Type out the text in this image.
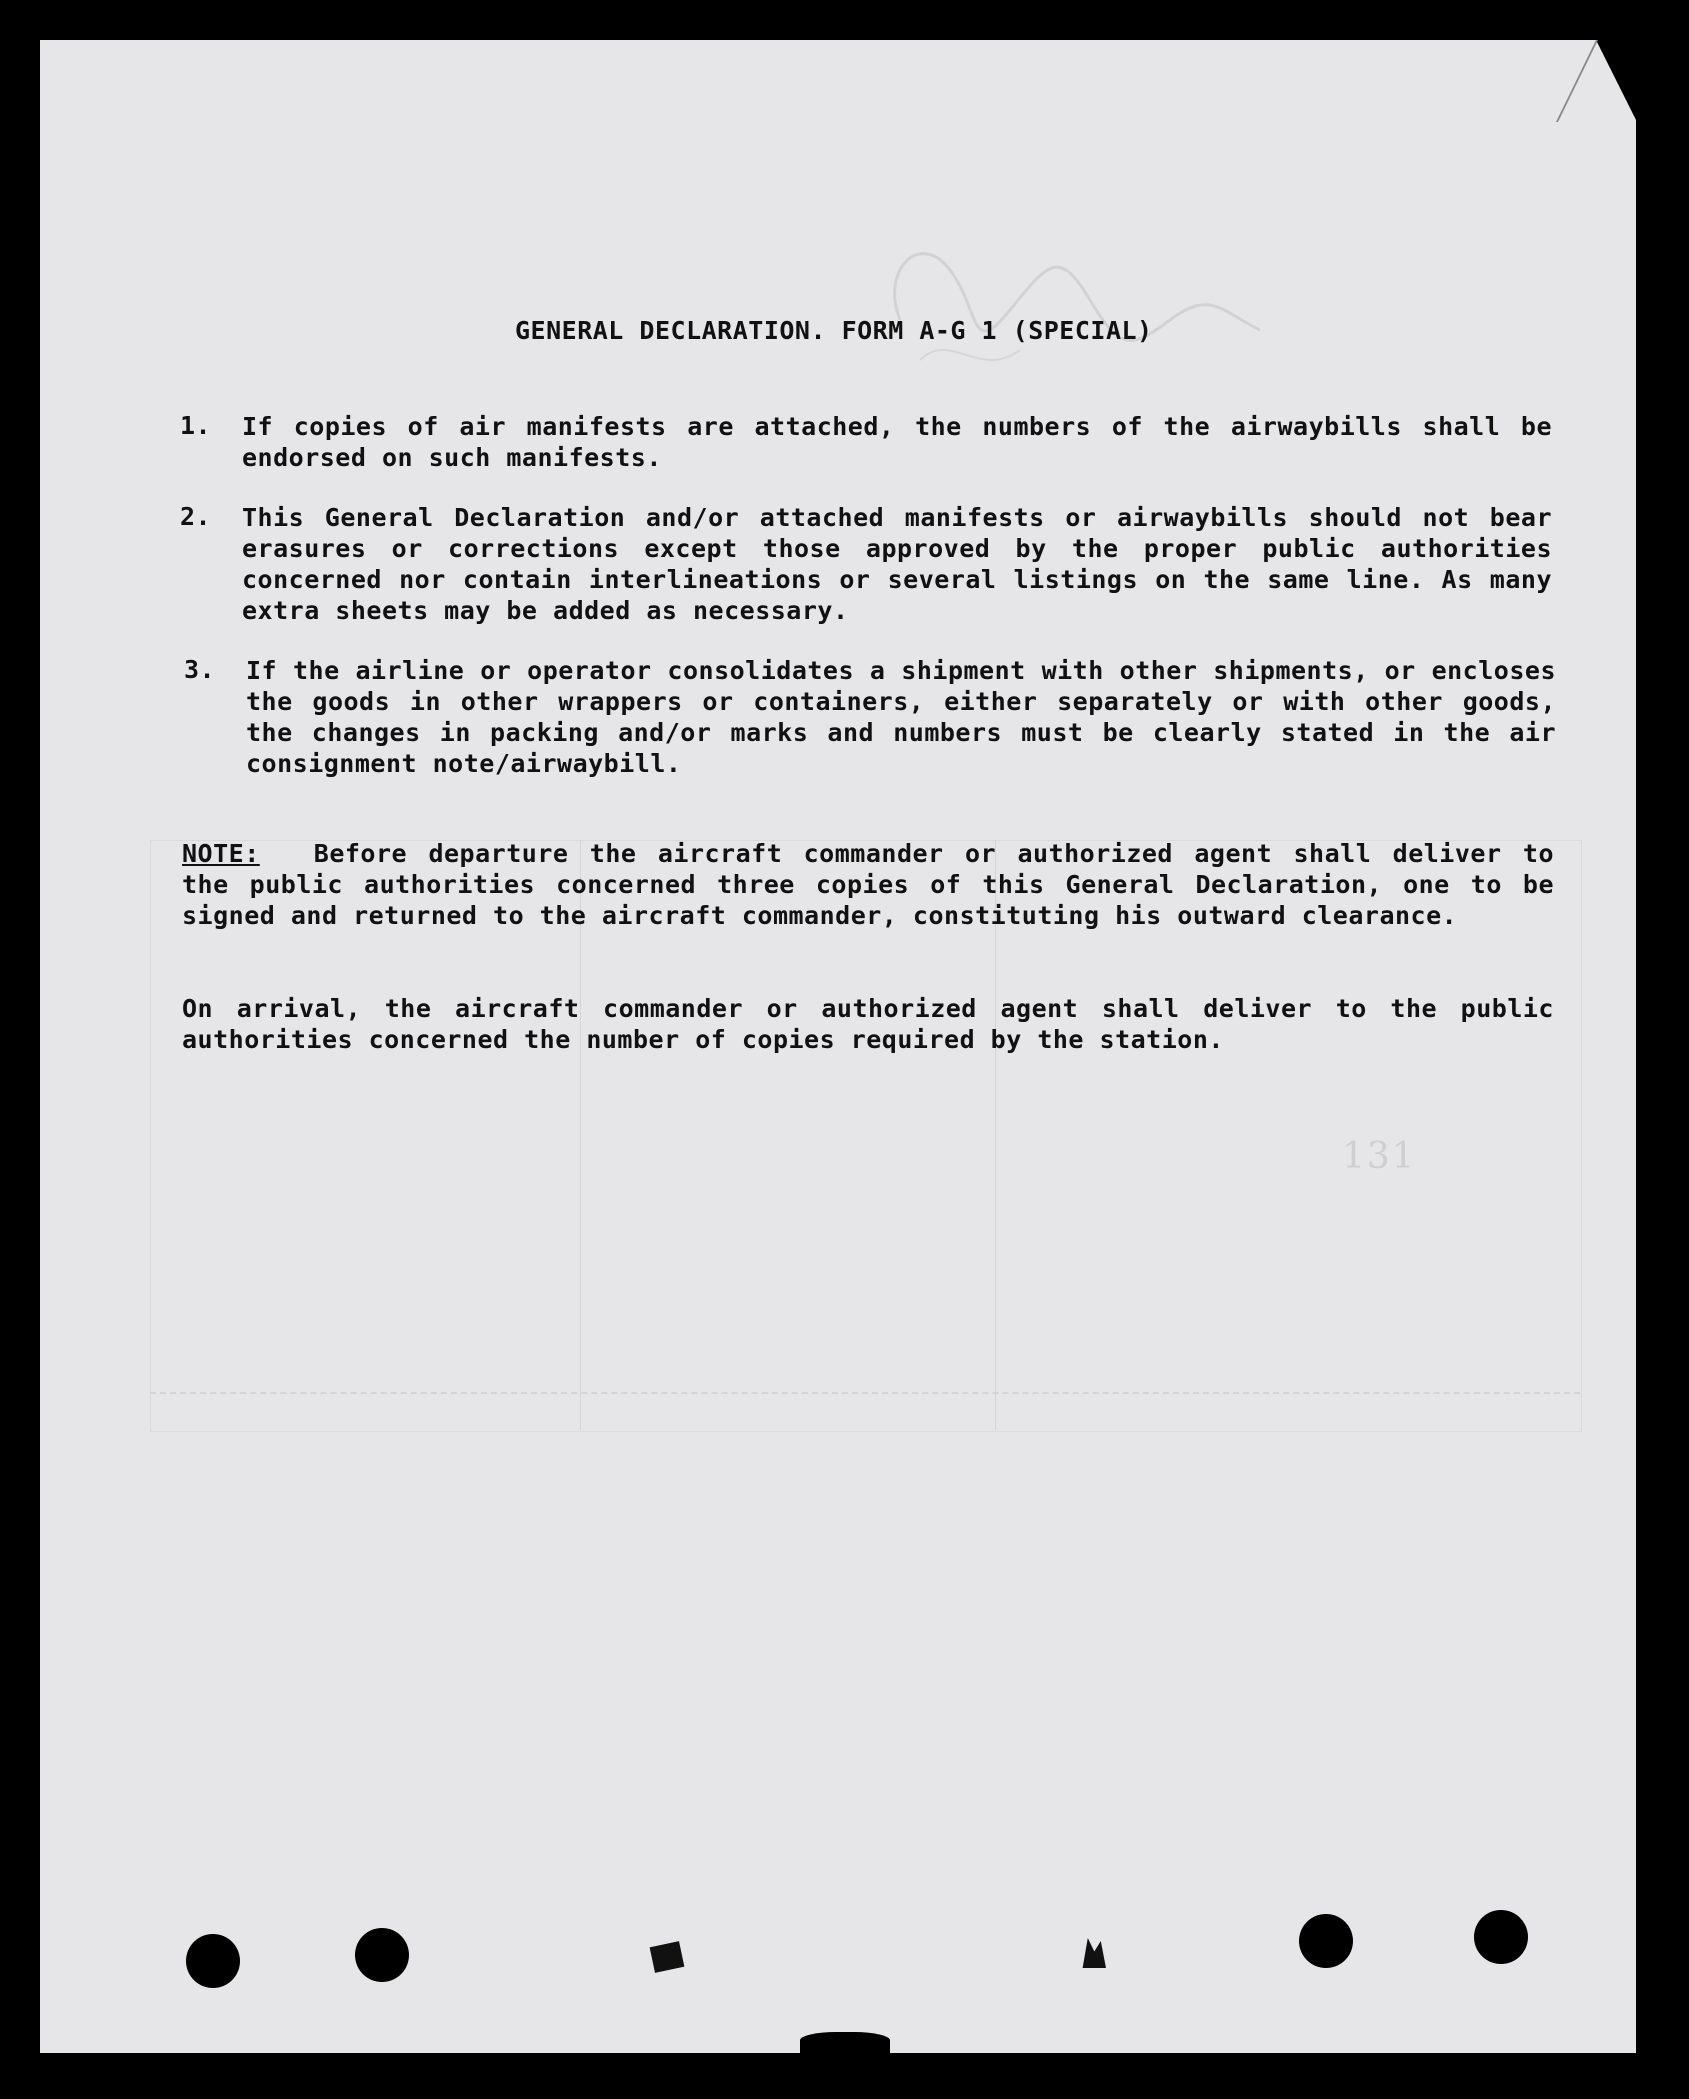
GENERAL DECLARATION. FORM A-G 1 (SPECIAL)
1.	If copies of air manifests are attached, the numbers of the airwaybills shall be endorsed on such manifests.
2.	This General Declaration and/or attached manifests or airwaybills should not bear erasures or corrections except those approved by the proper public authorities concerned nor contain interlineations or several listings on the same line. As many extra sheets may be added as necessary.
3.	If the airline or operator consolidates a shipment with other shipments, or encloses the goods in other wrappers or containers, either separately or with other goods, the changes in packing and/or marks and numbers must be clearly stated in the air consignment note/airwaybill.
NOTE: Before departure the aircraft commander or authorized agent shall deliver to the public authorities concerned three copies of this General Declaration, one to be signed and returned to the aircraft commander, constituting his outward clearance.
On arrival, the aircraft commander or authorized agent shall deliver to the public authorities concerned the number of copies required by the station.
131
